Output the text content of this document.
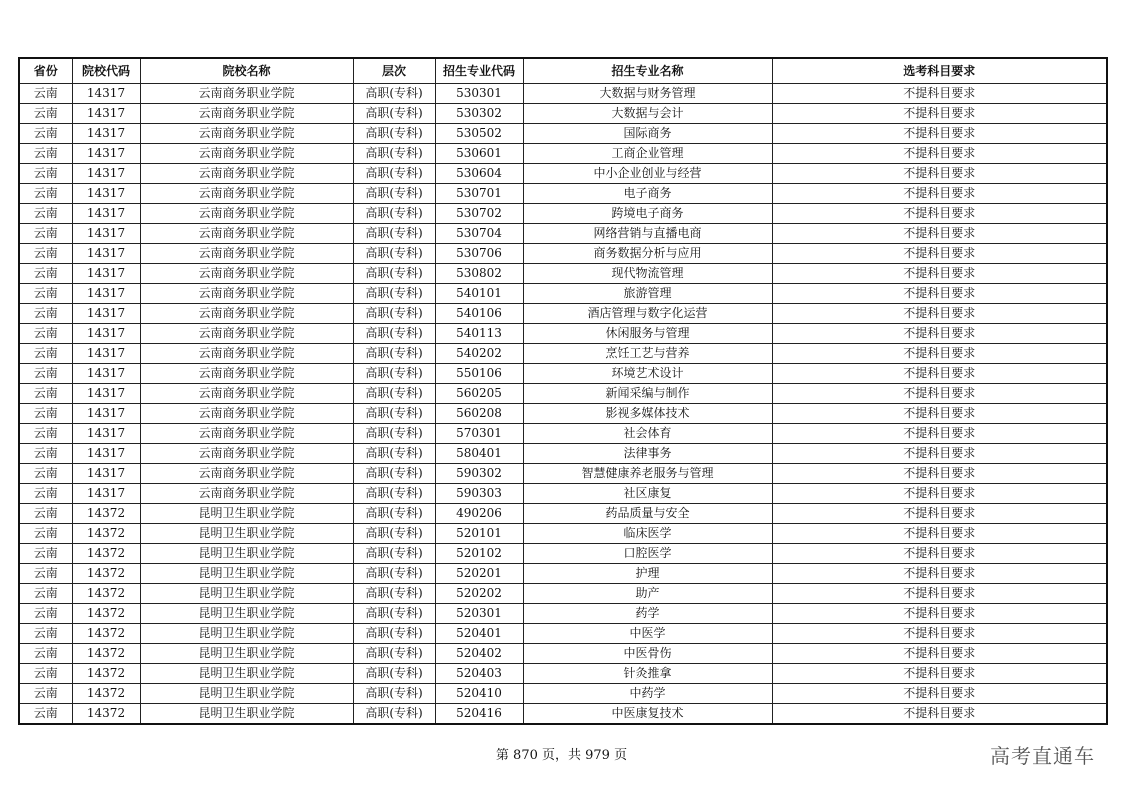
省份	院校代码	院校名称	层次	招生专业代码	招生专业名称	选考科目要求
云南	14317	云南商务职业学院	高职(专科)	530301	大数据与财务管理	不提科目要求
云南	14317	云南商务职业学院	高职(专科)	530302	大数据与会计	不提科目要求
云南	14317	云南商务职业学院	高职(专科)	530502	国际商务	不提科目要求
云南	14317	云南商务职业学院	高职(专科)	530601	工商企业管理	不提科目要求
云南	14317	云南商务职业学院	高职(专科)	530604	中小企业创业与经营	不提科目要求
云南	14317	云南商务职业学院	高职(专科)	530701	电子商务	不提科目要求
云南	14317	云南商务职业学院	高职(专科)	530702	跨境电子商务	不提科目要求
云南	14317	云南商务职业学院	高职(专科)	530704	网络营销与直播电商	不提科目要求
云南	14317	云南商务职业学院	高职(专科)	530706	商务数据分析与应用	不提科目要求
云南	14317	云南商务职业学院	高职(专科)	530802	现代物流管理	不提科目要求
云南	14317	云南商务职业学院	高职(专科)	540101	旅游管理	不提科目要求
云南	14317	云南商务职业学院	高职(专科)	540106	酒店管理与数字化运营	不提科目要求
云南	14317	云南商务职业学院	高职(专科)	540113	休闲服务与管理	不提科目要求
云南	14317	云南商务职业学院	高职(专科)	540202	烹饪工艺与营养	不提科目要求
云南	14317	云南商务职业学院	高职(专科)	550106	环境艺术设计	不提科目要求
云南	14317	云南商务职业学院	高职(专科)	560205	新闻采编与制作	不提科目要求
云南	14317	云南商务职业学院	高职(专科)	560208	影视多媒体技术	不提科目要求
云南	14317	云南商务职业学院	高职(专科)	570301	社会体育	不提科目要求
云南	14317	云南商务职业学院	高职(专科)	580401	法律事务	不提科目要求
云南	14317	云南商务职业学院	高职(专科)	590302	智慧健康养老服务与管理	不提科目要求
云南	14317	云南商务职业学院	高职(专科)	590303	社区康复	不提科目要求
云南	14372	昆明卫生职业学院	高职(专科)	490206	药品质量与安全	不提科目要求
云南	14372	昆明卫生职业学院	高职(专科)	520101	临床医学	不提科目要求
云南	14372	昆明卫生职业学院	高职(专科)	520102	口腔医学	不提科目要求
云南	14372	昆明卫生职业学院	高职(专科)	520201	护理	不提科目要求
云南	14372	昆明卫生职业学院	高职(专科)	520202	助产	不提科目要求
云南	14372	昆明卫生职业学院	高职(专科)	520301	药学	不提科目要求
云南	14372	昆明卫生职业学院	高职(专科)	520401	中医学	不提科目要求
云南	14372	昆明卫生职业学院	高职(专科)	520402	中医骨伤	不提科目要求
云南	14372	昆明卫生职业学院	高职(专科)	520403	针灸推拿	不提科目要求
云南	14372	昆明卫生职业学院	高职(专科)	520410	中药学	不提科目要求
云南	14372	昆明卫生职业学院	高职(专科)	520416	中医康复技术	不提科目要求
第 870 页，共 979 页	高考直通车
